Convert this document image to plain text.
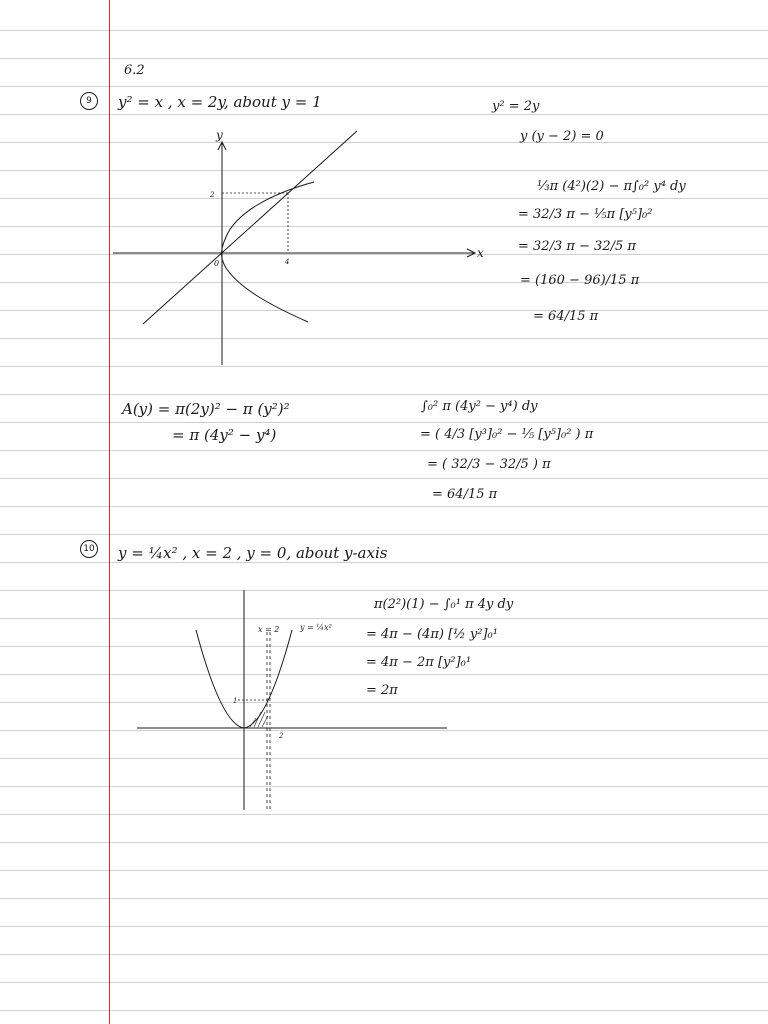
6.2
9	y² = x , x = 2y, about y = 1
y
x
0
2
4
y² = 2y
y (y − 2) = 0
⅓π (4²)(2) − π∫₀² y⁴ dy
= 32/3 π − ⅕π [y⁵]₀²
= 32/3 π − 32/5 π
= (160 − 96)/15 π
= 64/15 π
A(y) = π(2y)² − π (y²)²
= π (4y² − y⁴)
∫₀² π (4y² − y⁴) dy
= ( 4/3 [y³]₀² − ⅕ [y⁵]₀² ) π
= ( 32/3 − 32/5 ) π
= 64/15 π
10 y = ¼x² , x = 2 , y = 0, about y-axis
x = 2	y = ¼x²
1
2
π(2²)(1) − ∫₀¹ π 4y dy
= 4π − (4π) [½ y²]₀¹
= 4π − 2π [y²]₀¹
= 2π
